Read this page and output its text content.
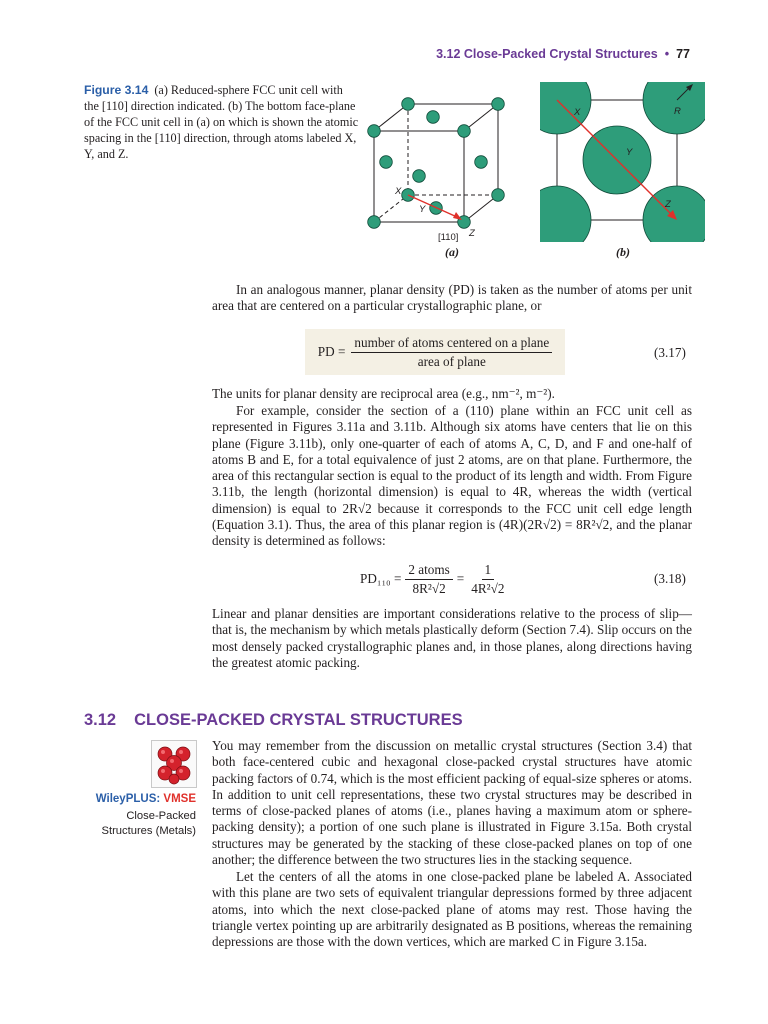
3.12 Close-Packed Crystal Structures • 77
Figure 3.14 (a) Reduced-sphere FCC unit cell with the [110] direction indicated. (b) The bottom face-plane of the FCC unit cell in (a) on which is shown the atomic spacing in the [110] direction, through atoms labeled X, Y, and Z.
X
Y
Z
[110]
(a)
X
Y
Z
R
(b)

In an analogous manner, planar density (PD) is taken as the number of atoms per unit area that are centered on a particular crystallographic plane, or

PD = $\frac{\text{number of atoms centered on a plane}}{\text{area of plane}}$	(3.17)

The units for planar density are reciprocal area (e.g., nm⁻², m⁻²).

For example, consider the section of a (110) plane within an FCC unit cell as represented in Figures 3.11a and 3.11b. Although six atoms have centers that lie on this plane (Figure 3.11b), only one-quarter of each of atoms A, C, D, and F and one-half of atoms B and E, for a total equivalence of just 2 atoms, are on that plane. Furthermore, the area of this rectangular section is equal to the product of its length and width. From Figure 3.11b, the length (horizontal dimension) is equal to 4R, whereas the width (vertical dimension) is equal to 2R√2 because it corresponds to the FCC unit cell edge length (Equation 3.1). Thus, the area of this planar region is (4R)(2R√2) = 8R²√2, and the planar density is determined as follows:

$PD_{110} = \frac{\text{2 atoms}}{\text{8R²√2}} = \frac{1}{\text{4R²√2}}$	(3.18)

Linear and planar densities are important considerations relative to the process of slip—that is, the mechanism by which metals plastically deform (Section 7.4). Slip occurs on the most densely packed crystallographic planes and, in those planes, along directions having the greatest atomic packing.

3.12 CLOSE-PACKED CRYSTAL STRUCTURES
WileyPLUS: VMSE
Close-Packed
Structures (Metals)

You may remember from the discussion on metallic crystal structures (Section 3.4) that both face-centered cubic and hexagonal close-packed crystal structures have atomic packing factors of 0.74, which is the most efficient packing of equal-size spheres or atoms. In addition to unit cell representations, these two crystal structures may be described in terms of close-packed planes of atoms (i.e., planes having a maximum atom or sphere-packing density); a portion of one such plane is illustrated in Figure 3.15a. Both crystal structures may be generated by the stacking of these close-packed planes on top of one another; the difference between the two structures lies in the stacking sequence.

Let the centers of all the atoms in one close-packed plane be labeled A. Associated with this plane are two sets of equivalent triangular depressions formed by three adjacent atoms, into which the next close-packed plane of atoms may rest. Those having the triangle vertex pointing up are arbitrarily designated as B positions, whereas the remaining depressions are those with the down vertices, which are marked C in Figure 3.15a.
